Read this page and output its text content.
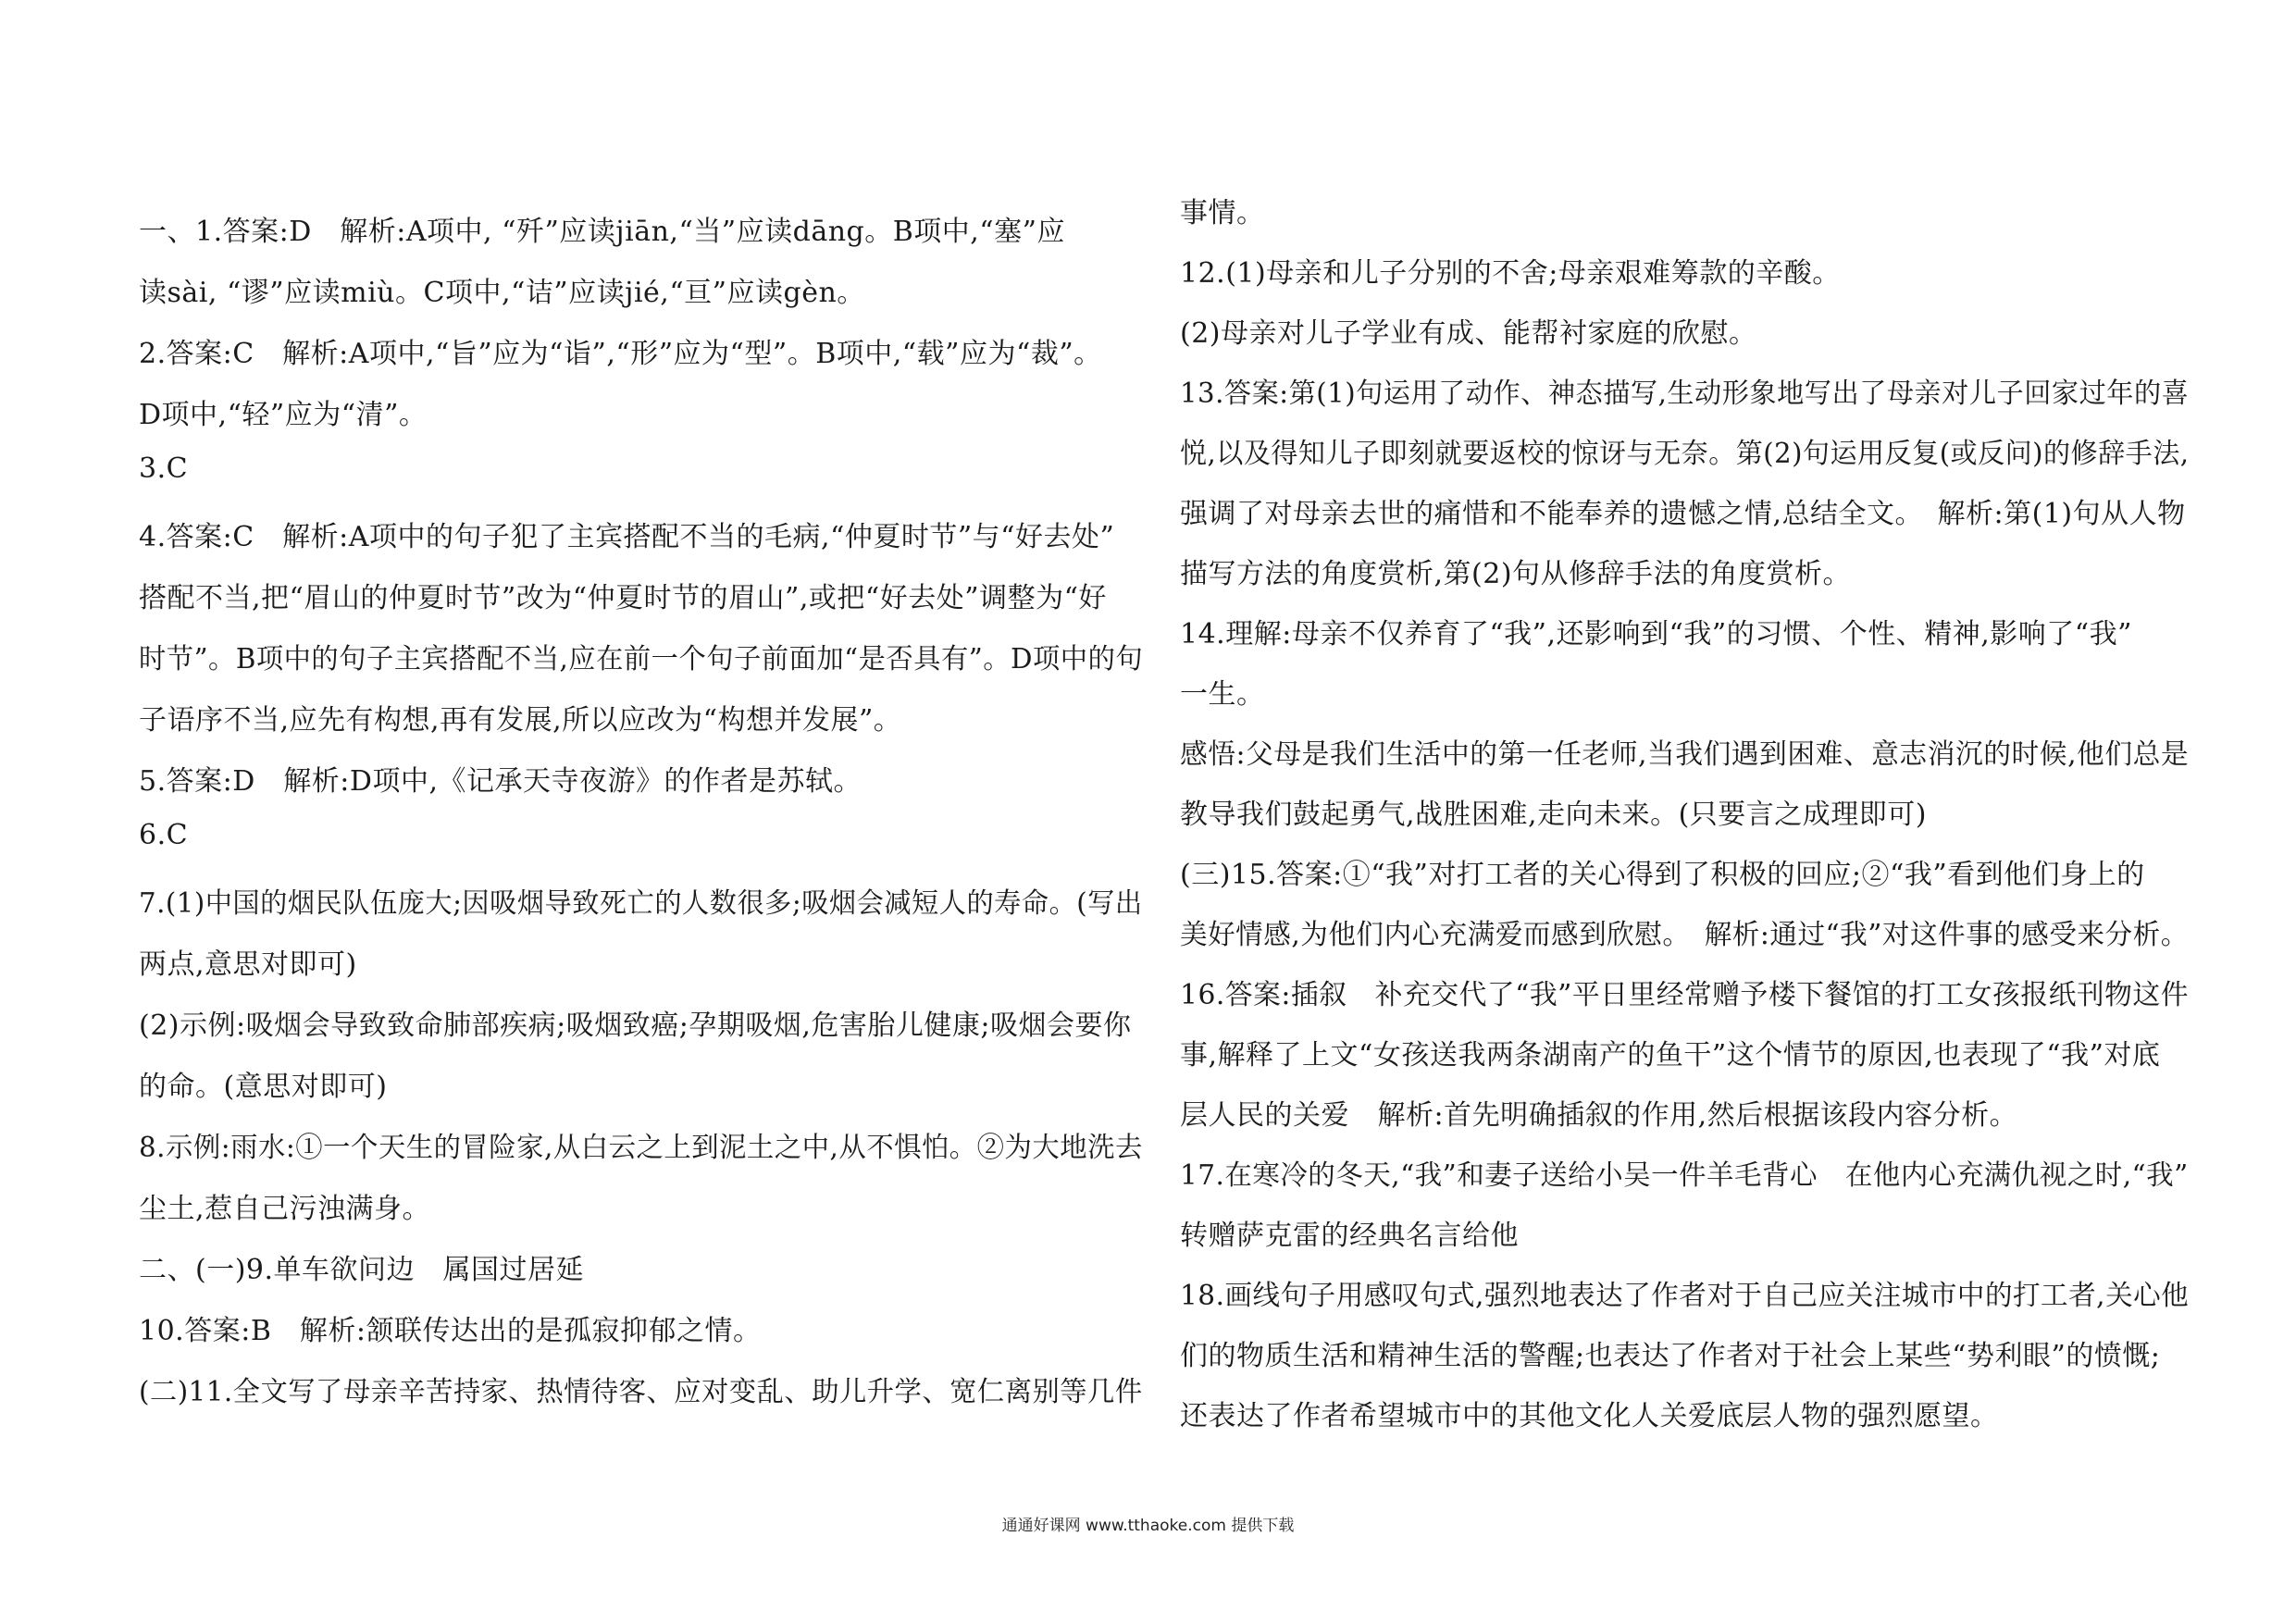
一、1.答案:D　解析:A项中, “歼”应读jiān,“当”应读dāng。B项中,“塞”应
读sài, “谬”应读miù。C项中,“诘”应读jié,“亘”应读gèn。
2.答案:C　解析:A项中,“旨”应为“诣”,“形”应为“型”。B项中,“载”应为“裁”。
D项中,“轻”应为“清”。
3.C
4.答案:C　解析:A项中的句子犯了主宾搭配不当的毛病,“仲夏时节”与“好去处”
搭配不当,把“眉山的仲夏时节”改为“仲夏时节的眉山”,或把“好去处”调整为“好
时节”。B项中的句子主宾搭配不当,应在前一个句子前面加“是否具有”。D项中的句
子语序不当,应先有构想,再有发展,所以应改为“构想并发展”。
5.答案:D　解析:D项中,《记承天寺夜游》的作者是苏轼。
6.C
7.(1)中国的烟民队伍庞大;因吸烟导致死亡的人数很多;吸烟会减短人的寿命。(写出
两点,意思对即可)
(2)示例:吸烟会导致致命肺部疾病;吸烟致癌;孕期吸烟,危害胎儿健康;吸烟会要你
的命。(意思对即可)
8.示例:雨水:①一个天生的冒险家,从白云之上到泥土之中,从不惧怕。②为大地洗去
尘土,惹自己污浊满身。
二、(一)9.单车欲问边　属国过居延
10.答案:B　解析:颔联传达出的是孤寂抑郁之情。
(二)11.全文写了母亲辛苦持家、热情待客、应对变乱、助儿升学、宽仁离别等几件
事情。
12.(1)母亲和儿子分别的不舍;母亲艰难筹款的辛酸。
(2)母亲对儿子学业有成、能帮衬家庭的欣慰。
13.答案:第(1)句运用了动作、神态描写,生动形象地写出了母亲对儿子回家过年的喜
悦,以及得知儿子即刻就要返校的惊讶与无奈。第(2)句运用反复(或反问)的修辞手法,
强调了对母亲去世的痛惜和不能奉养的遗憾之情,总结全文。　解析:第(1)句从人物
描写方法的角度赏析,第(2)句从修辞手法的角度赏析。
14.理解:母亲不仅养育了“我”,还影响到“我”的习惯、个性、精神,影响了“我”
一生。
感悟:父母是我们生活中的第一任老师,当我们遇到困难、意志消沉的时候,他们总是
教导我们鼓起勇气,战胜困难,走向未来。(只要言之成理即可)
(三)15.答案:①“我”对打工者的关心得到了积极的回应;②“我”看到他们身上的
美好情感,为他们内心充满爱而感到欣慰。　解析:通过“我”对这件事的感受来分析。
16.答案:插叙　补充交代了“我”平日里经常赠予楼下餐馆的打工女孩报纸刊物这件
事,解释了上文“女孩送我两条湖南产的鱼干”这个情节的原因,也表现了“我”对底
层人民的关爱　解析:首先明确插叙的作用,然后根据该段内容分析。
17.在寒冷的冬天,“我”和妻子送给小吴一件羊毛背心　在他内心充满仇视之时,“我”
转赠萨克雷的经典名言给他
18.画线句子用感叹句式,强烈地表达了作者对于自己应关注城市中的打工者,关心他
们的物质生活和精神生活的警醒;也表达了作者对于社会上某些“势利眼”的愤慨;
还表达了作者希望城市中的其他文化人关爱底层人物的强烈愿望。
通通好课网 www.tthaoke.com 提供下载
